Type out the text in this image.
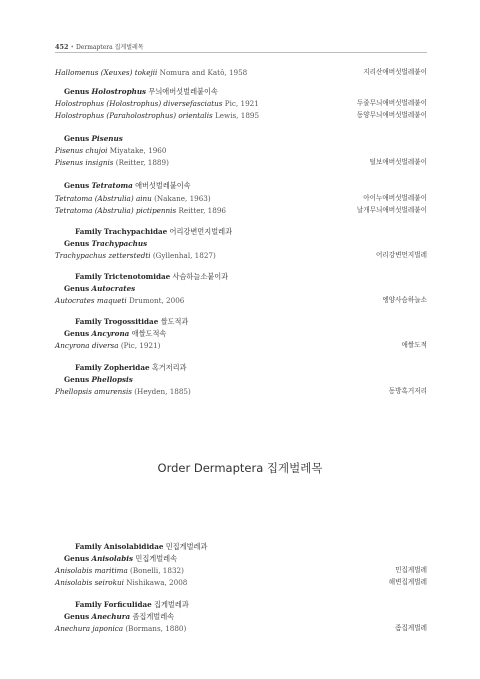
452 • Dermaptera 집게벌레목
Hallomenus (Xeuxes) tokejii Nomura and Katô, 1958	지리산애버섯벌레붙이
Genus Holostrophus 무늬애버섯벌레붙이속
Holostrophus (Holostrophus) diversefasciatus Pic, 1921	두줄무늬애버섯벌레붙이
Holostrophus (Paraholostrophus) orientalis Lewis, 1895	동양무늬애버섯벌레붙이
Genus Pisenus
Pisenus chujoi Miyatake, 1960
Pisenus insignis (Reitter, 1889)	털보애버섯벌레붙이
Genus Tetratoma 애버섯벌레붙이속
Tetratoma (Abstrulia) ainu (Nakane, 1963)	아이누애버섯벌레붙이
Tetratoma (Abstrulia) pictipennis Reitter, 1896	날개무늬애버섯벌레붙이
Family Trachypachidae 어리강변먼지벌레과
Genus Trachypachus
Trachypachus zetterstedti (Gyllenhal, 1827)	어리강변먼지벌레
Family Trictenotomidae 사슴하늘소붙이과
Genus Autocrates
Autocrates maqueti Drumont, 2006	엥양사슴하늘소
Family Trogossitidae 쌀도적과
Genus Ancyrona 애쌀도적속
Ancyrona diversa (Pic, 1921)	애쌀도적
Family Zopheridae 혹거저리과
Genus Phellopsis
Phellopsis amurensis (Heyden, 1885)	동방혹거저리
Order Dermaptera 집게벌레목
Family Anisolabididae 민집게벌레과
Genus Anisolabis 민집게벌레속
Anisolabis maritima (Bonelli, 1832)	민집게벌레
Anisolabis seirokui Nishikawa, 2008	해변집게벌레
Family Forficulidae 집게벌레과
Genus Anechura 좀집게벌레속
Anechura japonica (Bormans, 1880)	좀집게벌레
